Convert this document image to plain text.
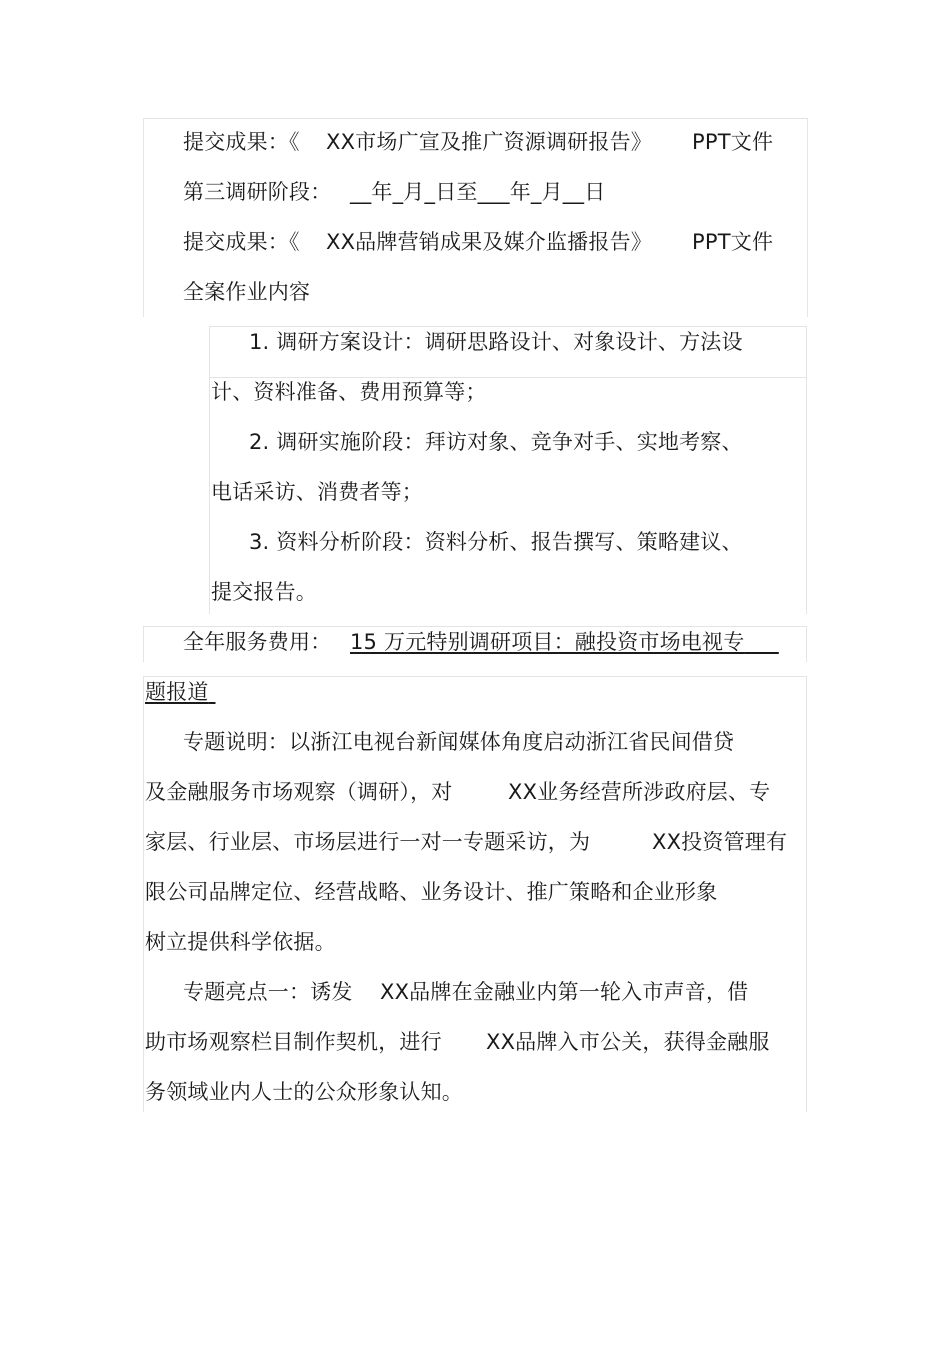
提交成果：《 XX市场广宣及推广资源调研报告》 PPT文件
第三调研阶段： __年_月_日至___年_月__日
提交成果：《 XX品牌营销成果及媒介监播报告》 PPT文件
全案作业内容
1. 调研方案设计：调研思路设计、对象设计、方法设
计、资料准备、费用预算等；
2. 调研实施阶段：拜访对象、竞争对手、实地考察、
电话采访、消费者等；
3. 资料分析阶段：资料分析、报告撰写、策略建议、
提交报告。
全年服务费用： 15 万元特别调研项目：融投资市场电视专
题报道
专题说明：以浙江电视台新闻媒体角度启动浙江省民间借贷
及金融服务市场观察（调研），对	XX业务经营所涉政府层、专
家层、行业层、市场层进行一对一专题采访，为	XX投资管理有
限公司品牌定位、经营战略、业务设计、推广策略和企业形象
树立提供科学依据。
专题亮点一：诱发 XX品牌在金融业内第一轮入市声音，借
助市场观察栏目制作契机，进行 XX品牌入市公关，获得金融服
务领域业内人士的公众形象认知。
